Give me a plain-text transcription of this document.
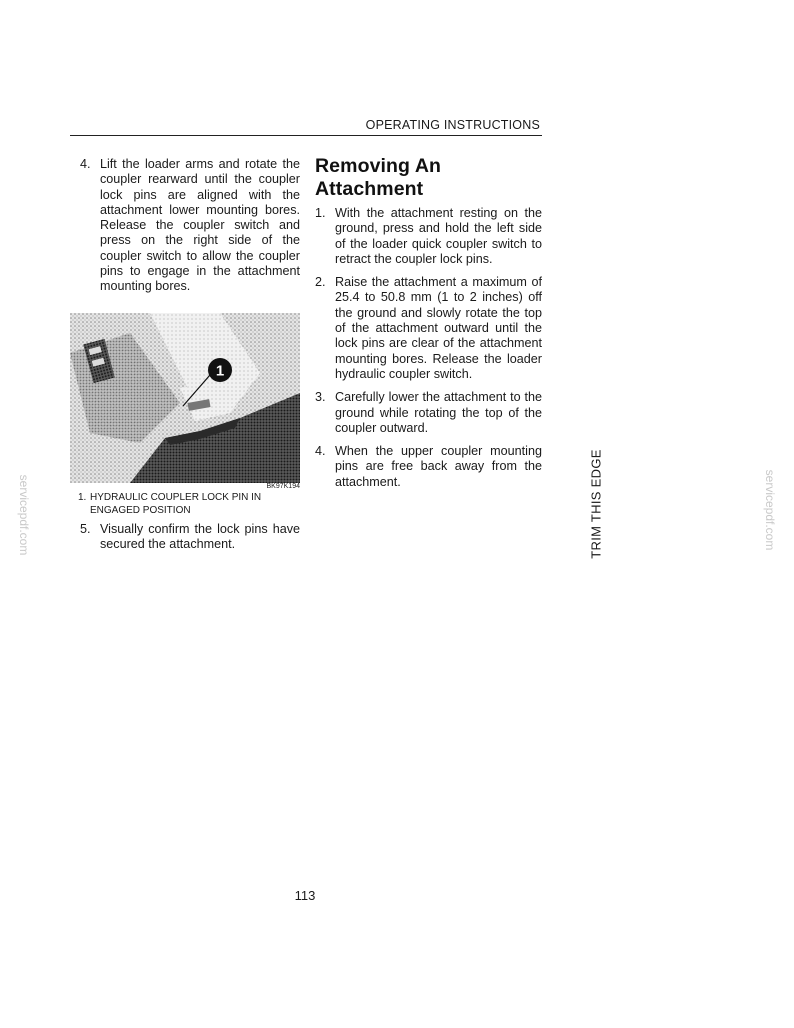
OPERATING INSTRUCTIONS
4. Lift the loader arms and rotate the coupler rearward until the coupler lock pins are aligned with the attachment lower mounting bores. Release the coupler switch and press on the right side of the coupler switch to allow the coupler pins to engage in the attachment mounting bores.
1
BK97K194
1. HYDRAULIC COUPLER LOCK PIN IN ENGAGED POSITION
5. Visually confirm the lock pins have secured the attachment.
Removing An Attachment
1. With the attachment resting on the ground, press and hold the left side of the loader quick coupler switch to retract the coupler lock pins.
2. Raise the attachment a maximum of 25.4 to 50.8 mm (1 to 2 inches) off the ground and slowly rotate the top of the attachment outward until the lock pins are clear of the attachment mounting bores. Release the loader hydraulic coupler switch.
3. Carefully lower the attachment to the ground while rotating the top of the coupler outward.
4. When the upper coupler mounting pins are free back away from the attachment.	TRIM THIS EDGE
113
servicepdf.com	servicepdf.com
